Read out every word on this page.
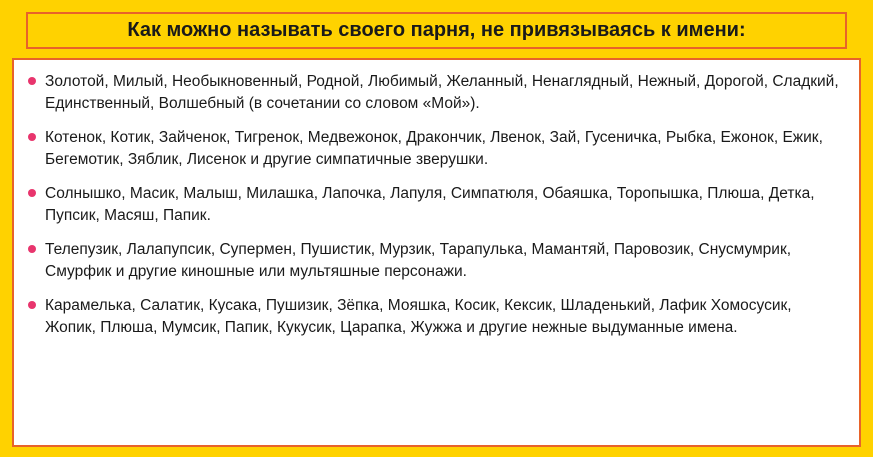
Как можно называть своего парня, не привязываясь к имени:
Золотой, Милый, Необыкновенный, Родной, Любимый, Желанный, Ненаглядный, Нежный, Дорогой, Сладкий, Единственный, Волшебный (в сочетании со словом «Мой»).
Котенок, Котик, Зайченок, Тигренок, Медвежонок, Дракончик, Лвенок, Зай, Гусеничка, Рыбка, Ежонок, Ежик, Бегемотик, Зяблик, Лисенок и другие симпатичные зверушки.
Солнышко, Масик, Малыш, Милашка, Лапочка, Лапуля, Симпатюля, Обаяшка, Торопышка, Плюша, Детка, Пупсик, Масяш, Папик.
Телепузик, Лалапупсик, Супермен, Пушистик, Мурзик, Тарапулька, Мамантяй, Паровозик, Снусмумрик, Смурфик и другие киношные или мультяшные персонажи.
Карамелька, Салатик, Кусака, Пушизик, Зёпка, Мояшка, Косик, Кексик, Шладенький, Лафик Хомосусик, Жопик, Плюша, Мумсик, Папик, Кукусик, Царапка, Жужжа и другие нежные выдуманные имена.
